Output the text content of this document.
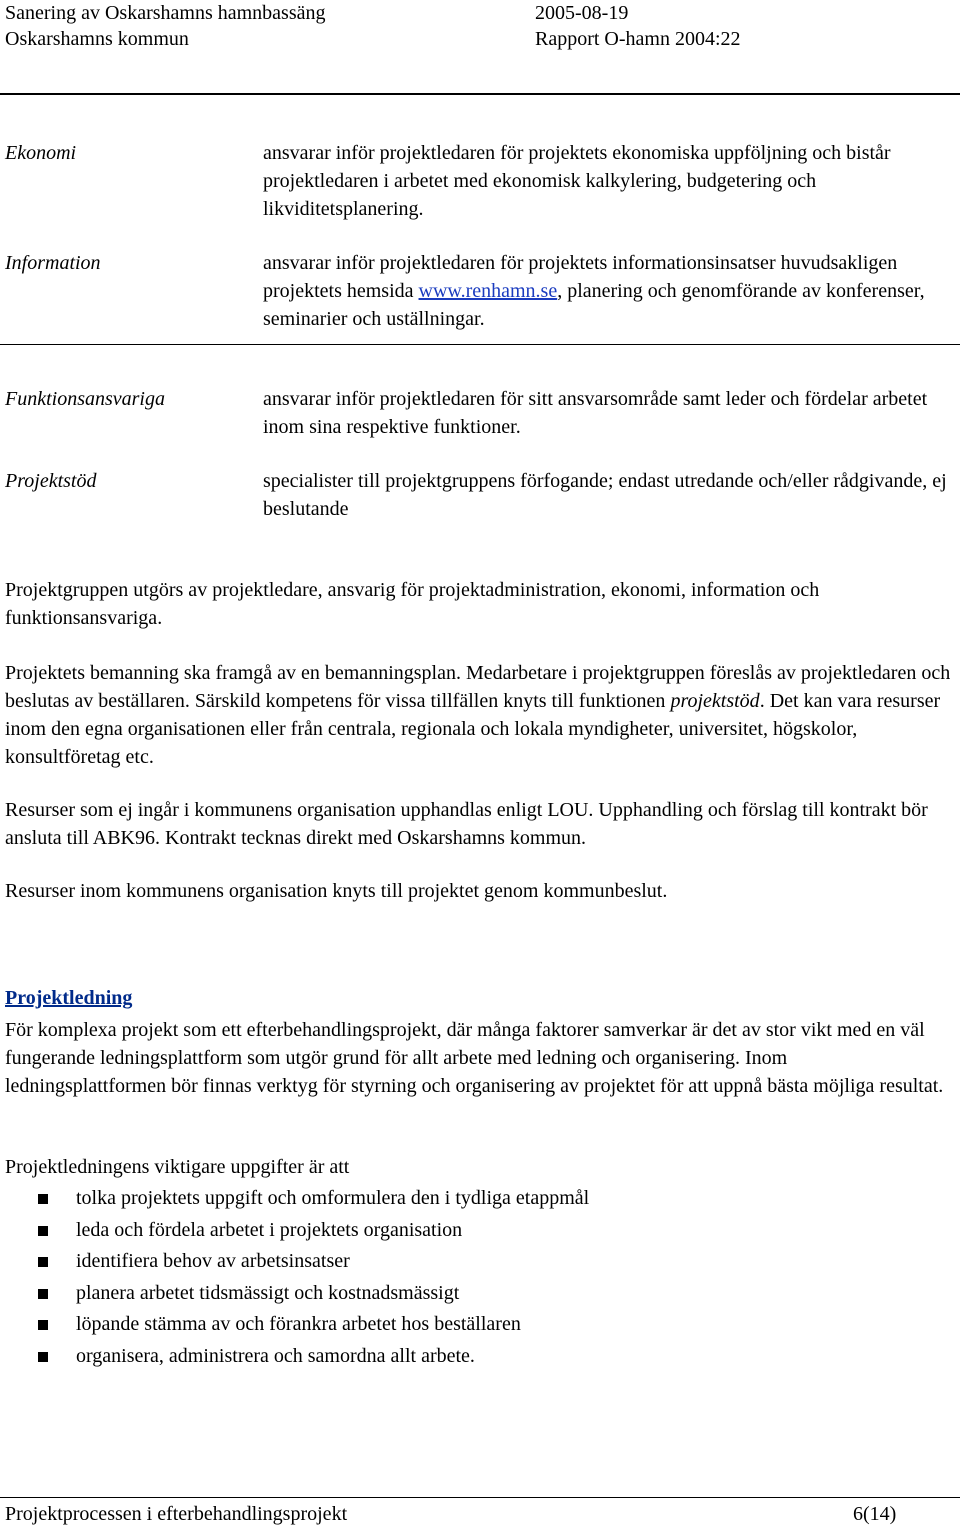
Sanering av Oskarshamns hamnbassäng	2005-08-19
Oskarshamns kommun	Rapport O-hamn 2004:22
Ekonomi	ansvarar inför projektledaren för projektets ekonomiska uppföljning och bistår projektledaren i arbetet med ekonomisk kalkylering, budgetering och likviditetsplanering.
Information	ansvarar inför projektledaren för projektets informationsinsatser huvudsakligen projektets hemsida www.renhamn.se, planering och genomförande av konferenser, seminarier och uställningar.
Funktionsansvariga	ansvarar inför projektledaren för sitt ansvarsområde samt leder och fördelar arbetet inom sina respektive funktioner.
Projektstöd	specialister till projektgruppens förfogande; endast utredande och/eller rådgivande, ej beslutande

Projektgruppen utgörs av projektledare, ansvarig för projektadministration, ekonomi, information och funktionsansvariga.

Projektets bemanning ska framgå av en bemanningsplan. Medarbetare i projektgruppen föreslås av projektledaren och beslutas av beställaren. Särskild kompetens för vissa tillfällen knyts till funktionen projektstöd. Det kan vara resurser inom den egna organisationen eller från centrala, regionala och lokala myndigheter, universitet, högskolor, konsultföretag etc.

Resurser som ej ingår i kommunens organisation upphandlas enligt LOU. Upphandling och förslag till kontrakt bör ansluta till ABK96. Kontrakt tecknas direkt med Oskarshamns kommun.

Resurser inom kommunens organisation knyts till projektet genom kommunbeslut.

Projektledning

För komplexa projekt som ett efterbehandlingsprojekt, där många faktorer samverkar är det av stor vikt med en väl fungerande ledningsplattform som utgör grund för allt arbete med ledning och organisering. Inom ledningsplattformen bör finnas verktyg för styrning och organisering av projektet för att uppnå bästa möjliga resultat.

Projektledningens viktigare uppgifter är att

tolka projektets uppgift och omformulera den i tydliga etappmål
leda och fördela arbetet i projektets organisation
identifiera behov av arbetsinsatser
planera arbetet tidsmässigt och kostnadsmässigt
löpande stämma av och förankra arbetet hos beställaren
organisera, administrera och samordna allt arbete.
Projektprocessen i efterbehandlingsprojekt	6(14)
